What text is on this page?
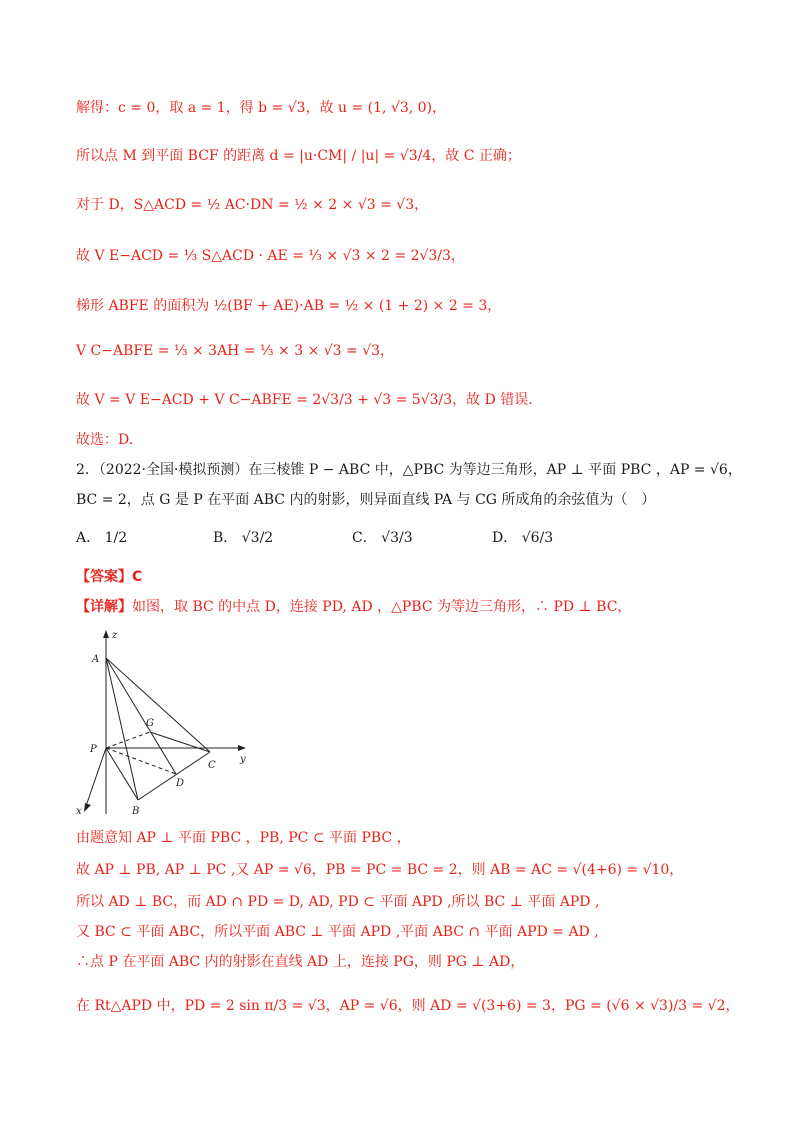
解得：c = 0，取 a = 1，得 b = √3，故 u = (1, √3, 0)，
所以点 M 到平面 BCF 的距离 d = |u·CM| / |u| = √3/4，故 C 正确；
对于 D，S△ACD = ½ AC·DN = ½ × 2 × √3 = √3，
故 V E−ACD = ⅓ S△ACD · AE = ⅓ × √3 × 2 = 2√3/3，
梯形 ABFE 的面积为 ½(BF + AE)·AB = ½ × (1 + 2) × 2 = 3，
V C−ABFE = ⅓ × 3AH = ⅓ × 3 × √3 = √3，
故 V = V E−ACD + V C−ABFE = 2√3/3 + √3 = 5√3/3，故 D 错误.
故选：D.
2．（2022·全国·模拟预测）在三棱锥 P − ABC 中，△PBC 为等边三角形，AP ⊥ 平面 PBC ，AP = √6，
BC = 2，点 G 是 P 在平面 ABC 内的射影，则异面直线 PA 与 CG 所成角的余弦值为（　）
A． 1/2	B． √3/2	C． √3/3	D． √6/3
【答案】C
【详解】如图，取 BC 的中点 D，连接 PD, AD ，△PBC 为等边三角形，∴ PD ⊥ BC，
z
A
G
P
C
y
D
B
x
由题意知 AP ⊥ 平面 PBC ，PB, PC ⊂ 平面 PBC ，
故 AP ⊥ PB, AP ⊥ PC ,又 AP = √6，PB = PC = BC = 2，则 AB = AC = √(4+6) = √10，
所以 AD ⊥ BC，而 AD ∩ PD = D, AD, PD ⊂ 平面 APD ,所以 BC ⊥ 平面 APD ,
又 BC ⊂ 平面 ABC，所以平面 ABC ⊥ 平面 APD ,平面 ABC ∩ 平面 APD = AD ,
∴点 P 在平面 ABC 内的射影在直线 AD 上，连接 PG，则 PG ⊥ AD，
在 Rt△APD 中，PD = 2 sin π/3 = √3，AP = √6，则 AD = √(3+6) = 3，PG = (√6 × √3)/3 = √2，
